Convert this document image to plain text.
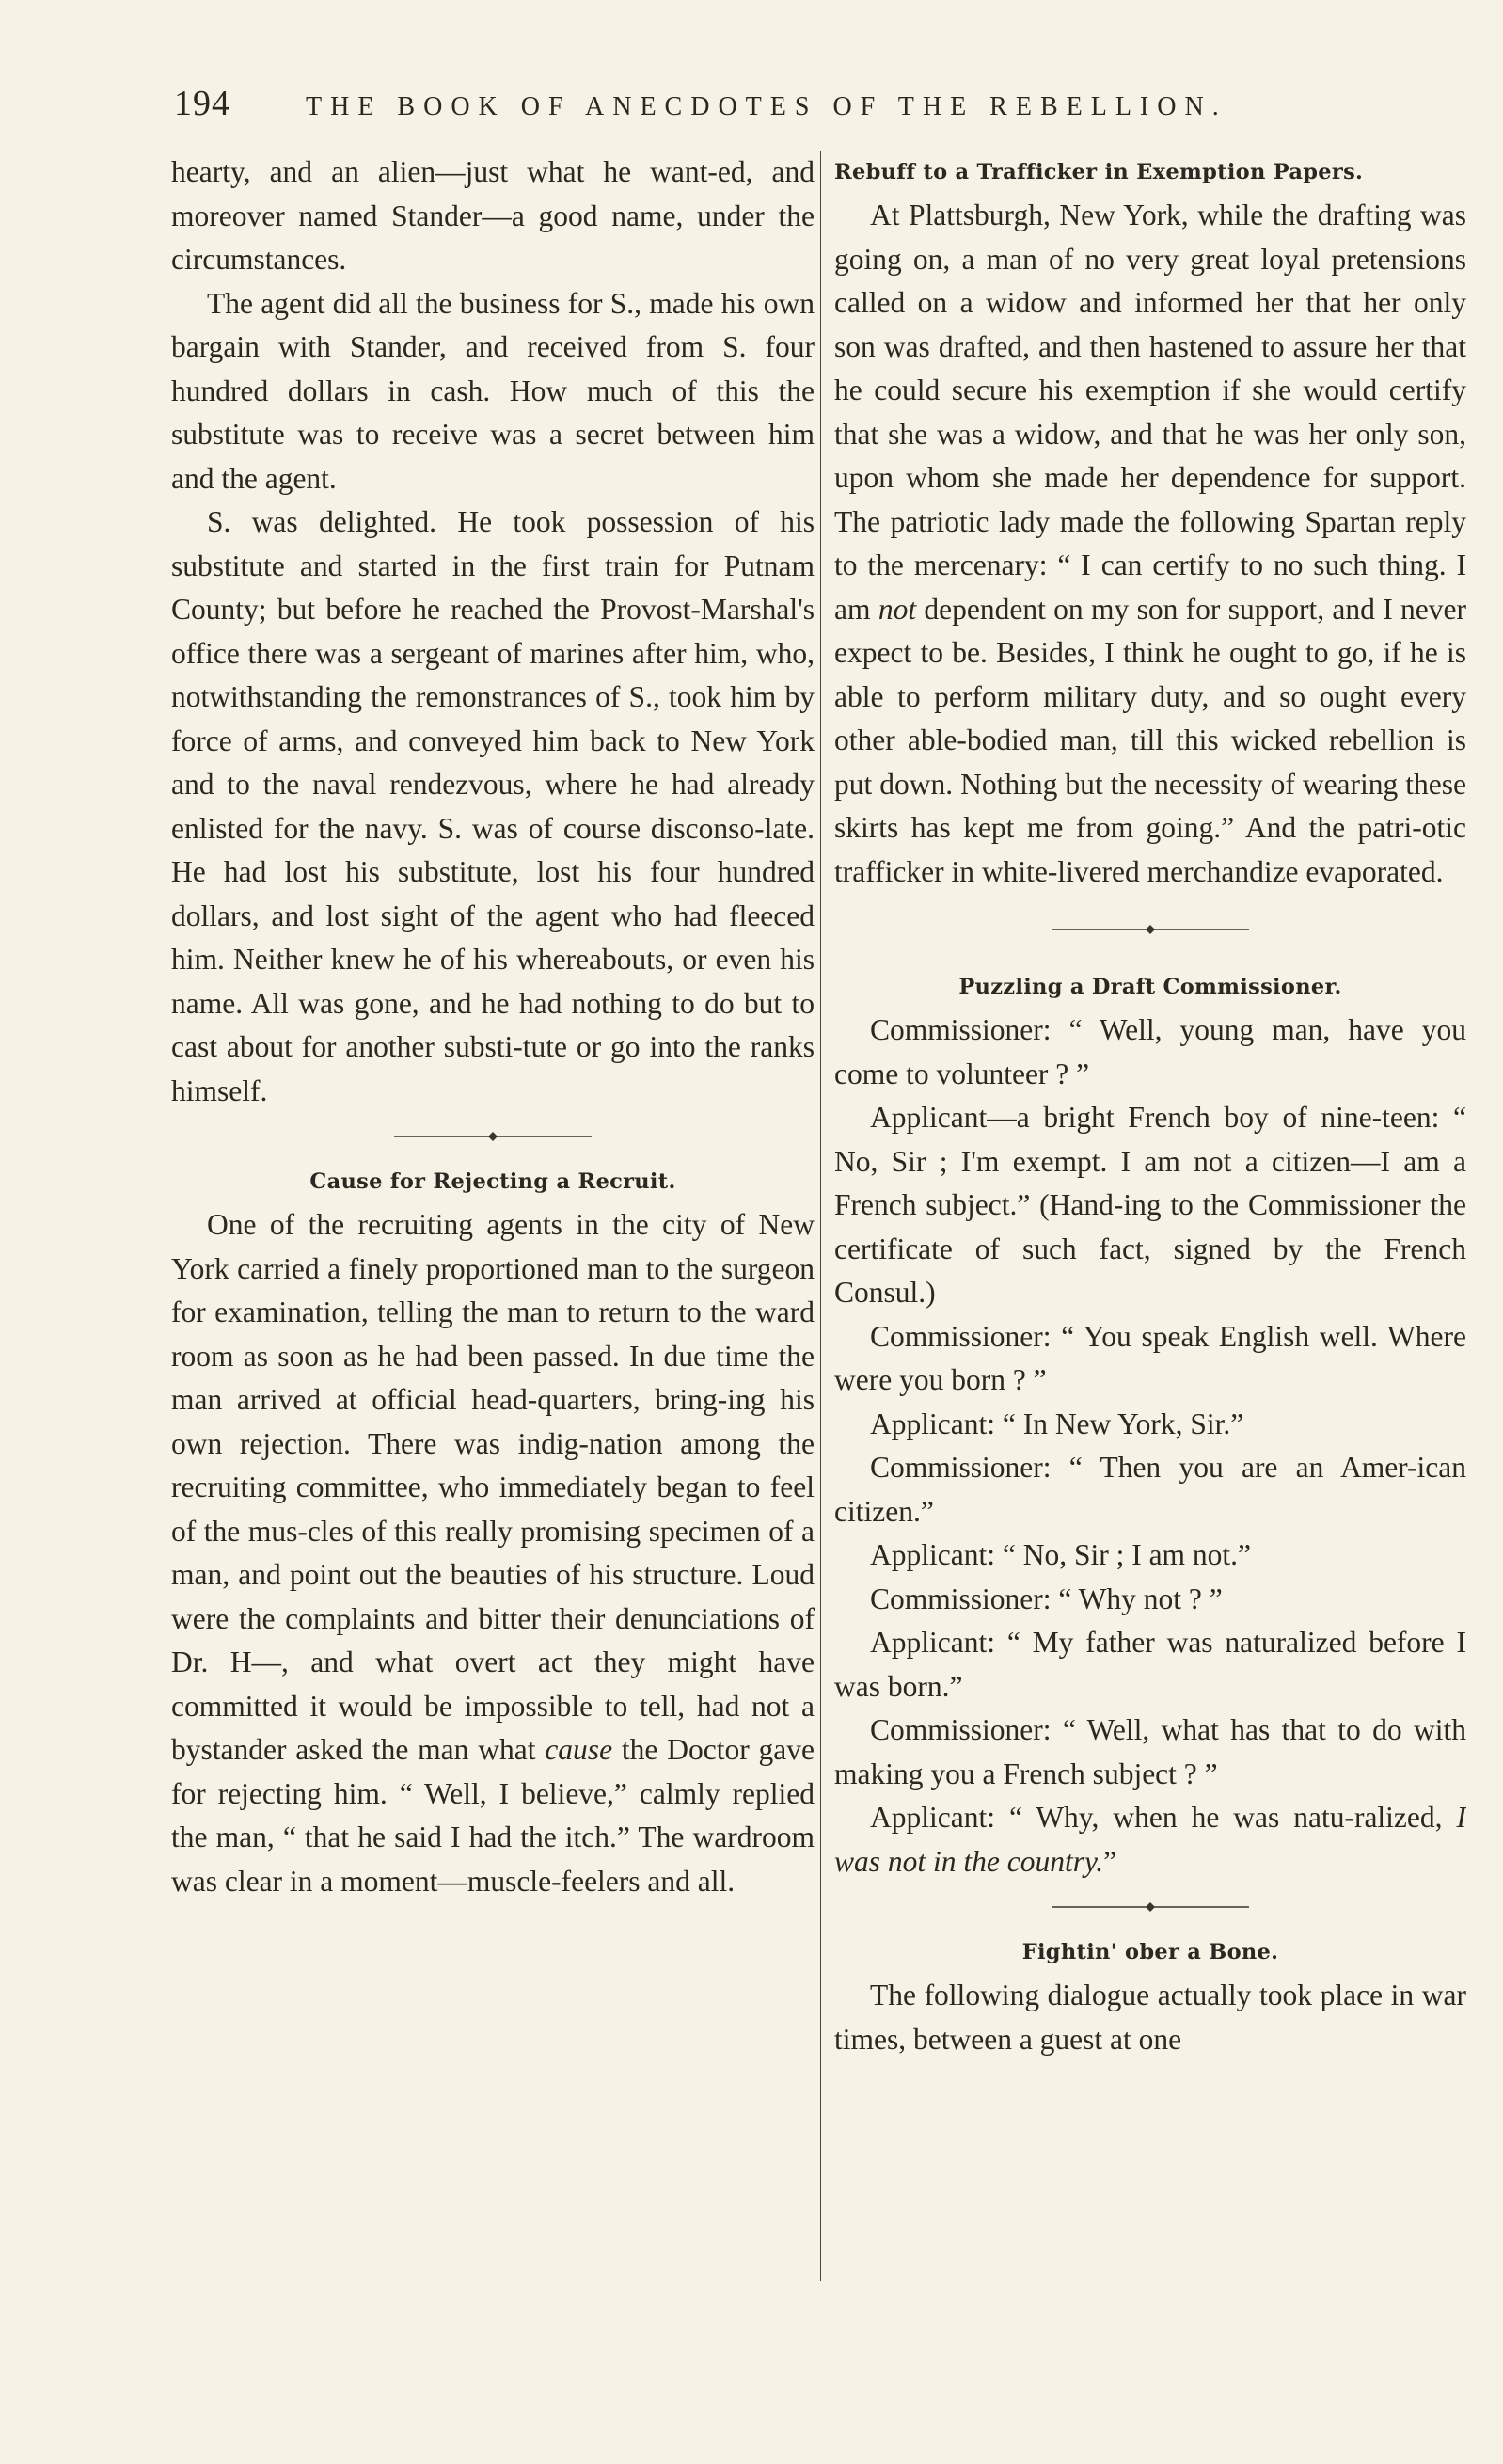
194	THE BOOK OF ANECDOTES OF THE REBELLION.

hearty, and an alien—just what he want-ed, and moreover named Stander—a good name, under the circumstances.

The agent did all the business for S., made his own bargain with Stander, and received from S. four hundred dollars in cash. How much of this the substitute was to receive was a secret between him and the agent.

S. was delighted. He took possession of his substitute and started in the first train for Putnam County; but before he reached the Provost-Marshal's office there was a sergeant of marines after him, who, notwithstanding the remonstrances of S., took him by force of arms, and conveyed him back to New York and to the naval rendezvous, where he had already enlisted for the navy. S. was of course disconso-late. He had lost his substitute, lost his four hundred dollars, and lost sight of the agent who had fleeced him. Neither knew he of his whereabouts, or even his name. All was gone, and he had nothing to do but to cast about for another substi-tute or go into the ranks himself.

Cause for Rejecting a Recruit.

One of the recruiting agents in the city of New York carried a finely proportioned man to the surgeon for examination, telling the man to return to the ward room as soon as he had been passed. In due time the man arrived at official head-quarters, bring-ing his own rejection. There was indig-nation among the recruiting committee, who immediately began to feel of the mus-cles of this really promising specimen of a man, and point out the beauties of his structure. Loud were the complaints and bitter their denunciations of Dr. H—, and what overt act they might have committed it would be impossible to tell, had not a bystander asked the man what cause the Doctor gave for rejecting him. “ Well, I believe,” calmly replied the man, “ that he said I had the itch.” The wardroom was clear in a moment—muscle-feelers and all.

Rebuff to a Trafficker in Exemption Papers.

At Plattsburgh, New York, while the drafting was going on, a man of no very great loyal pretensions called on a widow and informed her that her only son was drafted, and then hastened to assure her that he could secure his exemption if she would certify that she was a widow, and that he was her only son, upon whom she made her dependence for support. The patriotic lady made the following Spartan reply to the mercenary: “ I can certify to no such thing. I am not dependent on my son for support, and I never expect to be. Besides, I think he ought to go, if he is able to perform military duty, and so ought every other able-bodied man, till this wicked rebellion is put down. Nothing but the necessity of wearing these skirts has kept me from going.” And the patri-otic trafficker in white-livered merchandize evaporated.

Puzzling a Draft Commissioner.

Commissioner: “ Well, young man, have you come to volunteer ? ”

Applicant—a bright French boy of nine-teen: “ No, Sir ; I'm exempt. I am not a citizen—I am a French subject.” (Hand-ing to the Commissioner the certificate of such fact, signed by the French Consul.)

Commissioner: “ You speak English well. Where were you born ? ”

Applicant: “ In New York, Sir.”

Commissioner: “ Then you are an Amer-ican citizen.”

Applicant: “ No, Sir ; I am not.”

Commissioner: “ Why not ? ”

Applicant: “ My father was naturalized before I was born.”

Commissioner: “ Well, what has that to do with making you a French subject ? ”

Applicant: “ Why, when he was natu-ralized, I was not in the country.”

Fightin' ober a Bone.

The following dialogue actually took place in war times, between a guest at one
